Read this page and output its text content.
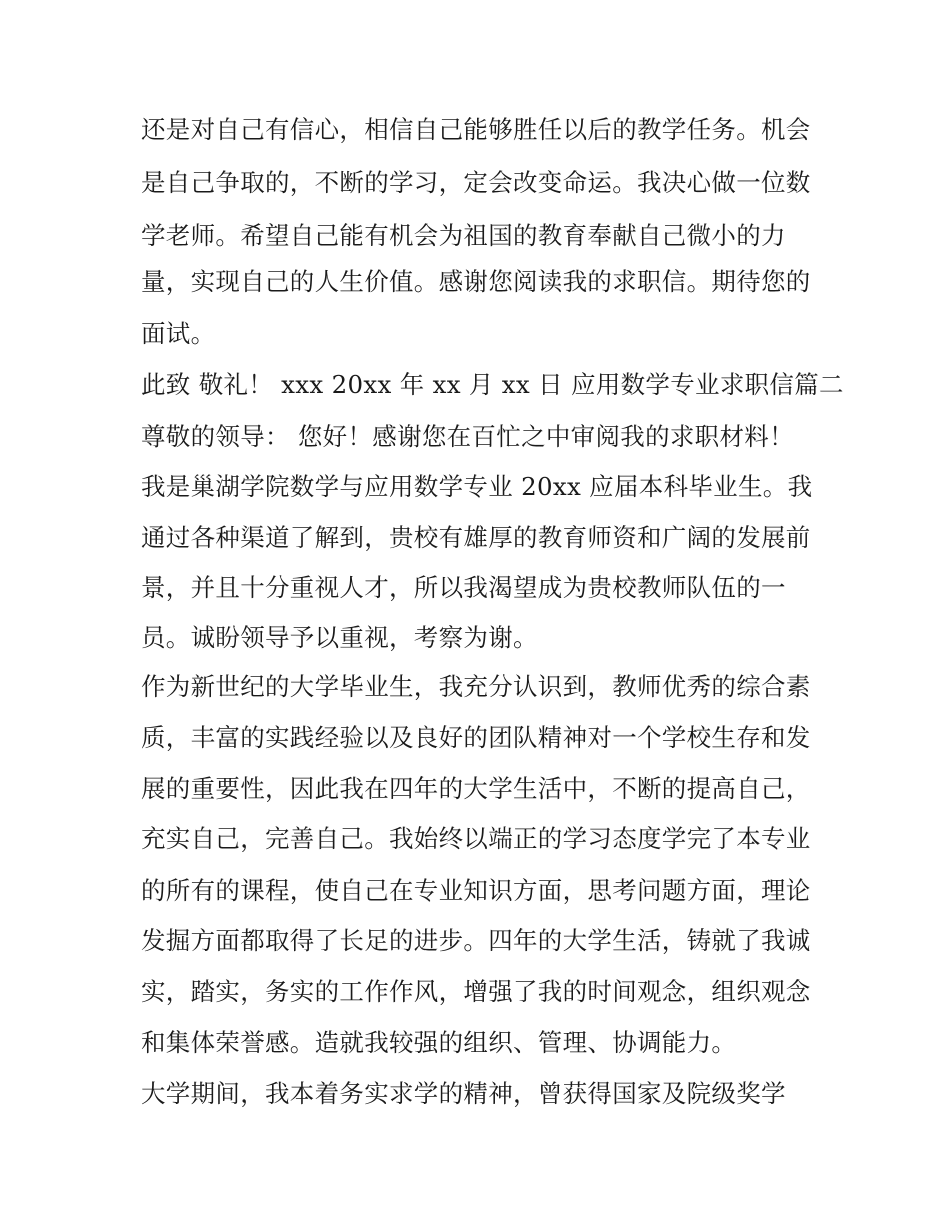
还是对自己有信心，相信自己能够胜任以后的教学任务。机会
是自己争取的，不断的学习，定会改变命运。我决心做一位数
学老师。希望自己能有机会为祖国的教育奉献自己微小的力
量，实现自己的人生价值。感谢您阅读我的求职信。期待您的
面试。
此致 敬礼！ xxx 20xx 年 xx 月 xx 日 应用数学专业求职信篇二
尊敬的领导： 您好！感谢您在百忙之中审阅我的求职材料！
我是巢湖学院数学与应用数学专业 20xx 应届本科毕业生。我
通过各种渠道了解到，贵校有雄厚的教育师资和广阔的发展前
景，并且十分重视人才，所以我渴望成为贵校教师队伍的一
员。诚盼领导予以重视，考察为谢。
作为新世纪的大学毕业生，我充分认识到，教师优秀的综合素
质，丰富的实践经验以及良好的团队精神对一个学校生存和发
展的重要性，因此我在四年的大学生活中，不断的提高自己，
充实自己，完善自己。我始终以端正的学习态度学完了本专业
的所有的课程，使自己在专业知识方面，思考问题方面，理论
发掘方面都取得了长足的进步。四年的大学生活，铸就了我诚
实，踏实，务实的工作作风，增强了我的时间观念，组织观念
和集体荣誉感。造就我较强的组织、管理、协调能力。
大学期间，我本着务实求学的精神，曾获得国家及院级奖学
